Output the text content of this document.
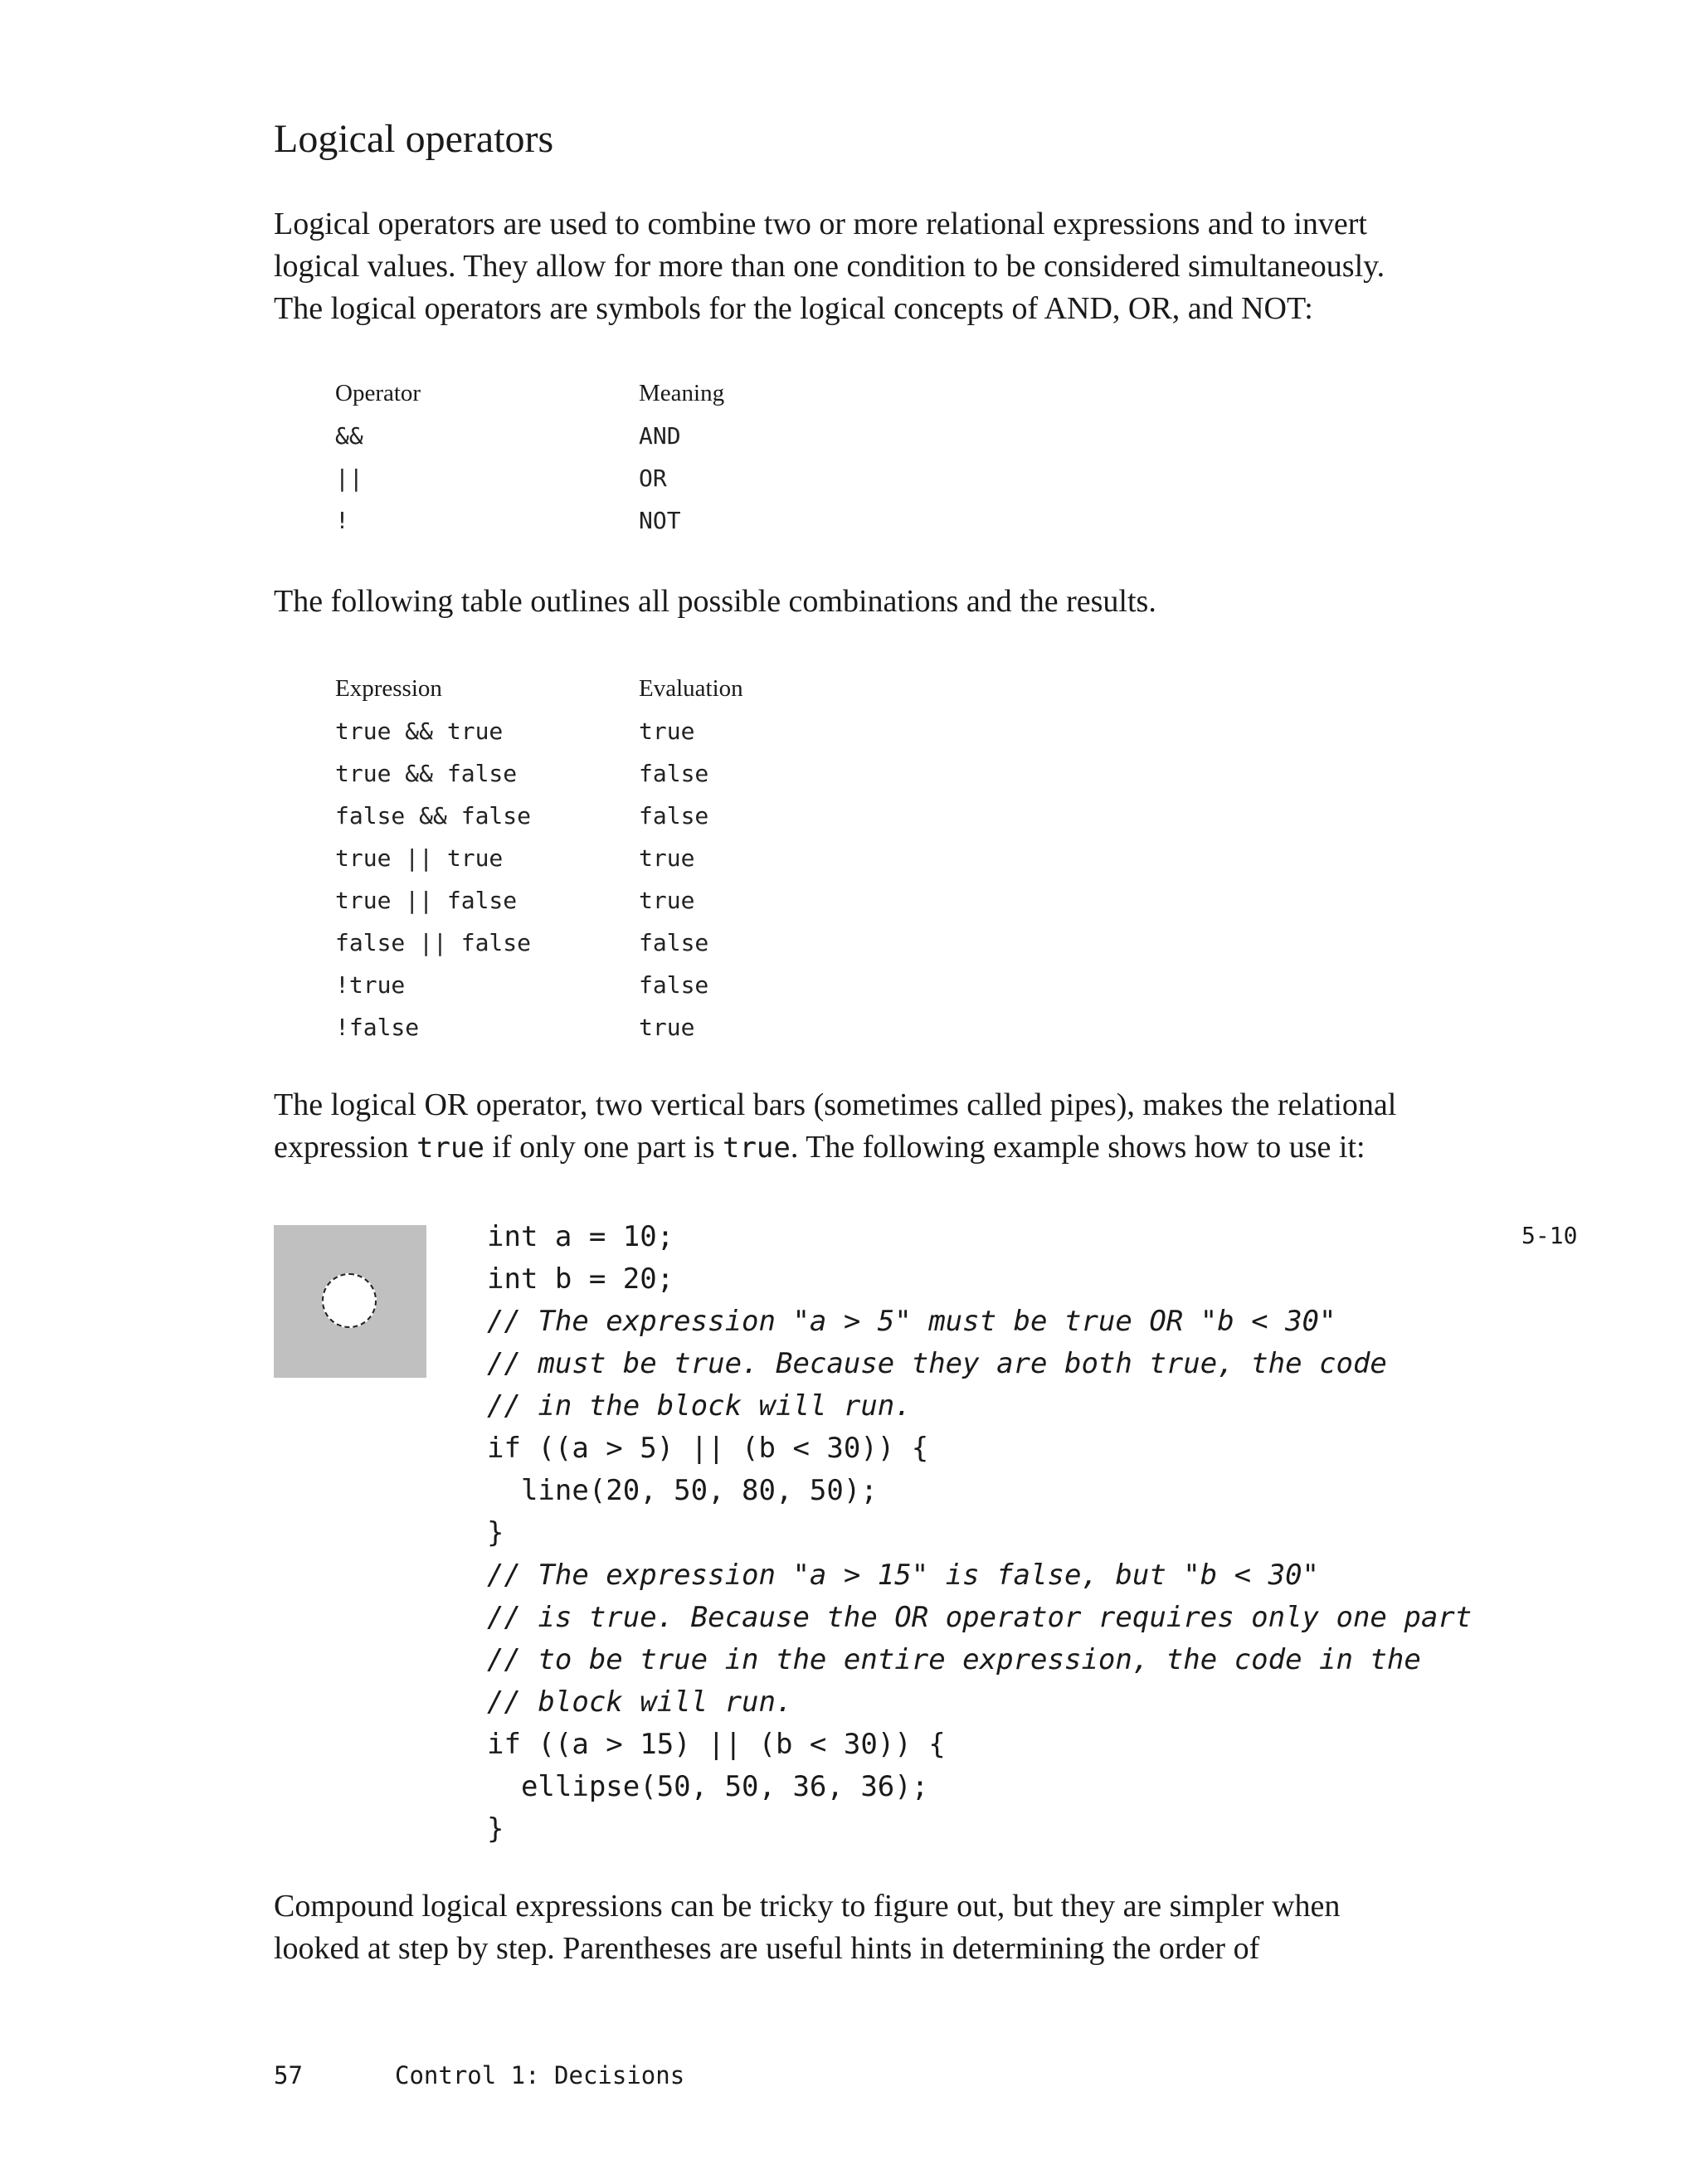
Logical operators
Logical operators are used to combine two or more relational expressions and to invert
logical values. They allow for more than one condition to be considered simultaneously.
The logical operators are symbols for the logical concepts of AND, OR, and NOT:
Operator	Meaning
&&	AND
||	OR
!	NOT
The following table outlines all possible combinations and the results.
Expression	Evaluation
true && true	true
true && false	false
false && false	false
true || true	true
true || false	true
false || false	false
!true	false
!false	true
The logical OR operator, two vertical bars (sometimes called pipes), makes the relational
expression true if only one part is true. The following example shows how to use it:
int a = 10;
int b = 20;
// The expression "a > 5" must be true OR "b < 30"
// must be true. Because they are both true, the code
// in the block will run.
if ((a > 5) || (b < 30)) {
line(20, 50, 80, 50);
}
// The expression "a > 15" is false, but "b < 30"
// is true. Because the OR operator requires only one part
// to be true in the entire expression, the code in the
// block will run.
if ((a > 15) || (b < 30)) {
ellipse(50, 50, 36, 36);
}
5-10
Compound logical expressions can be tricky to figure out, but they are simpler when
looked at step by step. Parentheses are useful hints in determining the order of
57	Control 1: Decisions
